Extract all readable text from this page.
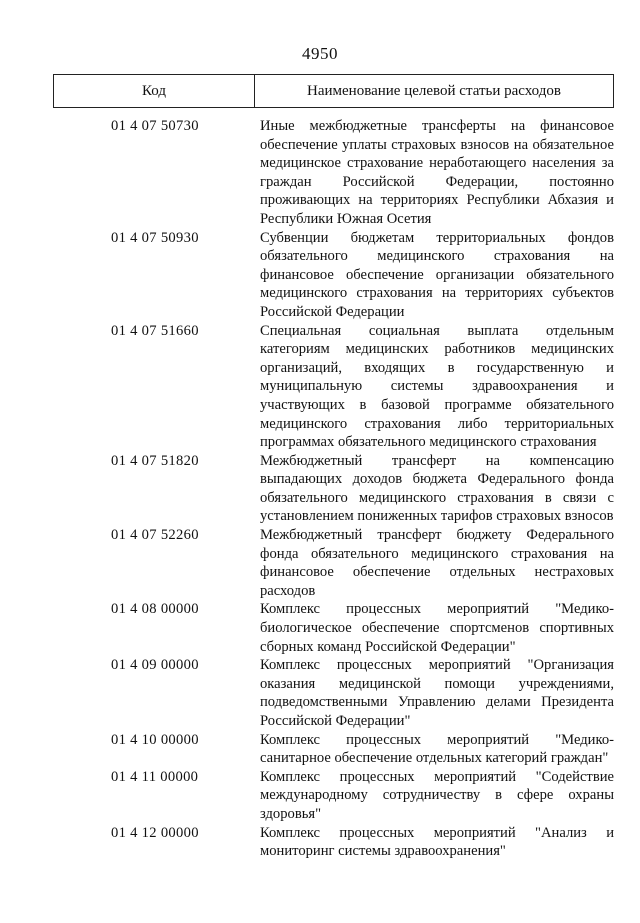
4950
Код	Наименование целевой статьи расходов
01 4 07 50730	Иные межбюджетные трансферты на финансовое обеспечение уплаты страховых взносов на обязательное медицинское страхование неработающего населения за граждан Российской Федерации, постоянно проживающих на территориях Республики Абхазия и Республики Южная Осетия
01 4 07 50930	Субвенции бюджетам территориальных фондов обязательного медицинского страхования на финансовое обеспечение организации обязательного медицинского страхования на территориях субъектов Российской Федерации
01 4 07 51660	Специальная социальная выплата отдельным категориям медицинских работников медицинских организаций, входящих в государственную и муниципальную системы здравоохранения и участвующих в базовой программе обязательного медицинского страхования либо территориальных программах обязательного медицинского страхования
01 4 07 51820	Межбюджетный трансферт на компенсацию выпадающих доходов бюджета Федерального фонда обязательного медицинского страхования в связи с установлением пониженных тарифов страховых взносов
01 4 07 52260	Межбюджетный трансферт бюджету Федерального фонда обязательного медицинского страхования на финансовое обеспечение отдельных нестраховых расходов
01 4 08 00000	Комплекс процессных мероприятий "Медико-биологическое обеспечение спортсменов спортивных сборных команд Российской Федерации"
01 4 09 00000	Комплекс процессных мероприятий "Организация оказания медицинской помощи учреждениями, подведомственными Управлению делами Президента Российской Федерации"
01 4 10 00000	Комплекс процессных мероприятий "Медико-санитарное обеспечение отдельных категорий граждан"
01 4 11 00000	Комплекс процессных мероприятий "Содействие международному сотрудничеству в сфере охраны здоровья"
01 4 12 00000	Комплекс процессных мероприятий "Анализ и мониторинг системы здравоохранения"
